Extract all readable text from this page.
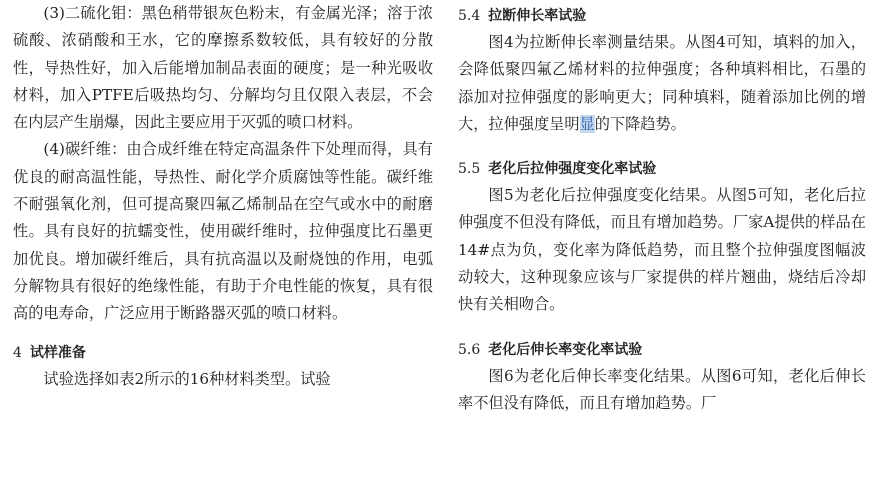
(3)二硫化钼：黑色稍带银灰色粉末，有金属光泽；溶于浓硫酸、浓硝酸和王水，它的摩擦系数较低，具有较好的分散性，导热性好，加入后能增加制品表面的硬度；是一种光吸收材料，加入PTFE后吸热均匀、分解均匀且仅限入表层，不会在内层产生崩爆，因此主要应用于灭弧的喷口材料。

(4)碳纤维：由合成纤维在特定高温条件下处理而得，具有优良的耐高温性能，导热性、耐化学介质腐蚀等性能。碳纤维不耐强氧化剂，但可提高聚四氟乙烯制品在空气或水中的耐磨性。具有良好的抗蠕变性，使用碳纤维时，拉伸强度比石墨更加优良。增加碳纤维后，具有抗高温以及耐烧蚀的作用，电弧分解物具有很好的绝缘性能，有助于介电性能的恢复，具有很高的电寿命，广泛应用于断路器灭弧的喷口材料。

4 试样准备

试验选择如表2所示的16种材料类型。试验

5.4 拉断伸长率试验

图4为拉断伸长率测量结果。从图4可知，填料的加入，会降低聚四氟乙烯材料的拉伸强度；各种填料相比，石墨的添加对拉伸强度的影响更大；同种填料，随着添加比例的增大，拉伸强度呈明显的下降趋势。

5.5 老化后拉伸强度变化率试验

图5为老化后拉伸强度变化结果。从图5可知，老化后拉伸强度不但没有降低，而且有增加趋势。厂家A提供的样品在14#点为负，变化率为降低趋势，而且整个拉伸强度图幅波动较大，这种现象应该与厂家提供的样片翘曲，烧结后冷却快有关相吻合。

5.6 老化后伸长率变化率试验

图6为老化后伸长率变化结果。从图6可知，老化后伸长率不但没有降低，而且有增加趋势。厂
